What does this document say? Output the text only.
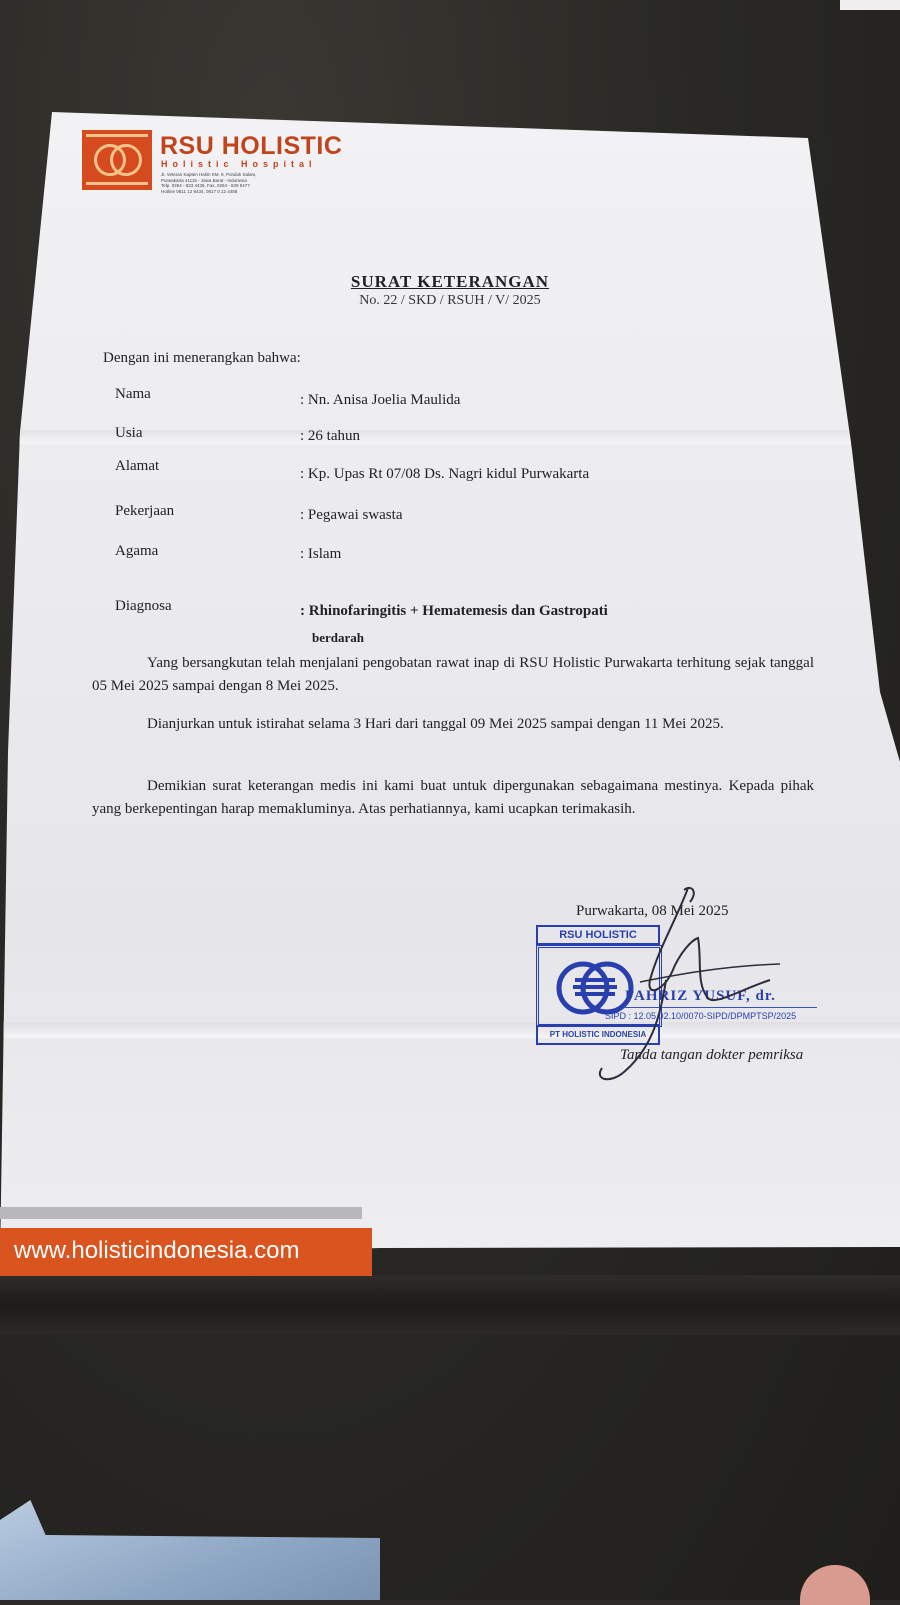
RSU HOLISTIC
Holistic Hospital
Jl. Veteran Kapten Halim KM. 9, Pondok Salam,
Purwakarta 41115 - Jawa Barat - Indonesia
Telp. 0264 - 823 4436, Fax. 0264 - 829 5477
Hotline 0811 12 9434, 0817 0 12 4458
SURAT KETERANGAN
No. 22 / SKD / RSUH / V/ 2025
Dengan ini menerangkan bahwa:
Nama	: Nn. Anisa Joelia Maulida
Usia	: 26 tahun
Alamat	: Kp. Upas Rt 07/08 Ds. Nagri kidul Purwakarta
Pekerjaan	: Pegawai swasta
Agama	: Islam
Diagnosa	: Rhinofaringitis + Hematemesis dan Gastropati
berdarah
Yang bersangkutan telah menjalani pengobatan rawat inap di RSU Holistic Purwakarta terhitung sejak tanggal 05 Mei 2025 sampai dengan 8 Mei 2025.
Dianjurkan untuk istirahat selama 3 Hari dari tanggal 09 Mei 2025 sampai dengan 11 Mei 2025.
Demikian surat keterangan medis ini kami buat untuk dipergunakan sebagaimana mestinya. Kepada pihak yang berkepentingan harap memakluminya. Atas perhatiannya, kami ucapkan terimakasih.
Purwakarta, 08 Mei 2025
RSU HOLISTIC
PT HOLISTIC INDONESIA
FAHRIZ YUSUF, dr.
SIPD : 12.05.02.10/0070-SIPD/DPMPTSP/2025
Tanda tangan dokter pemriksa
www.holisticindonesia.com
